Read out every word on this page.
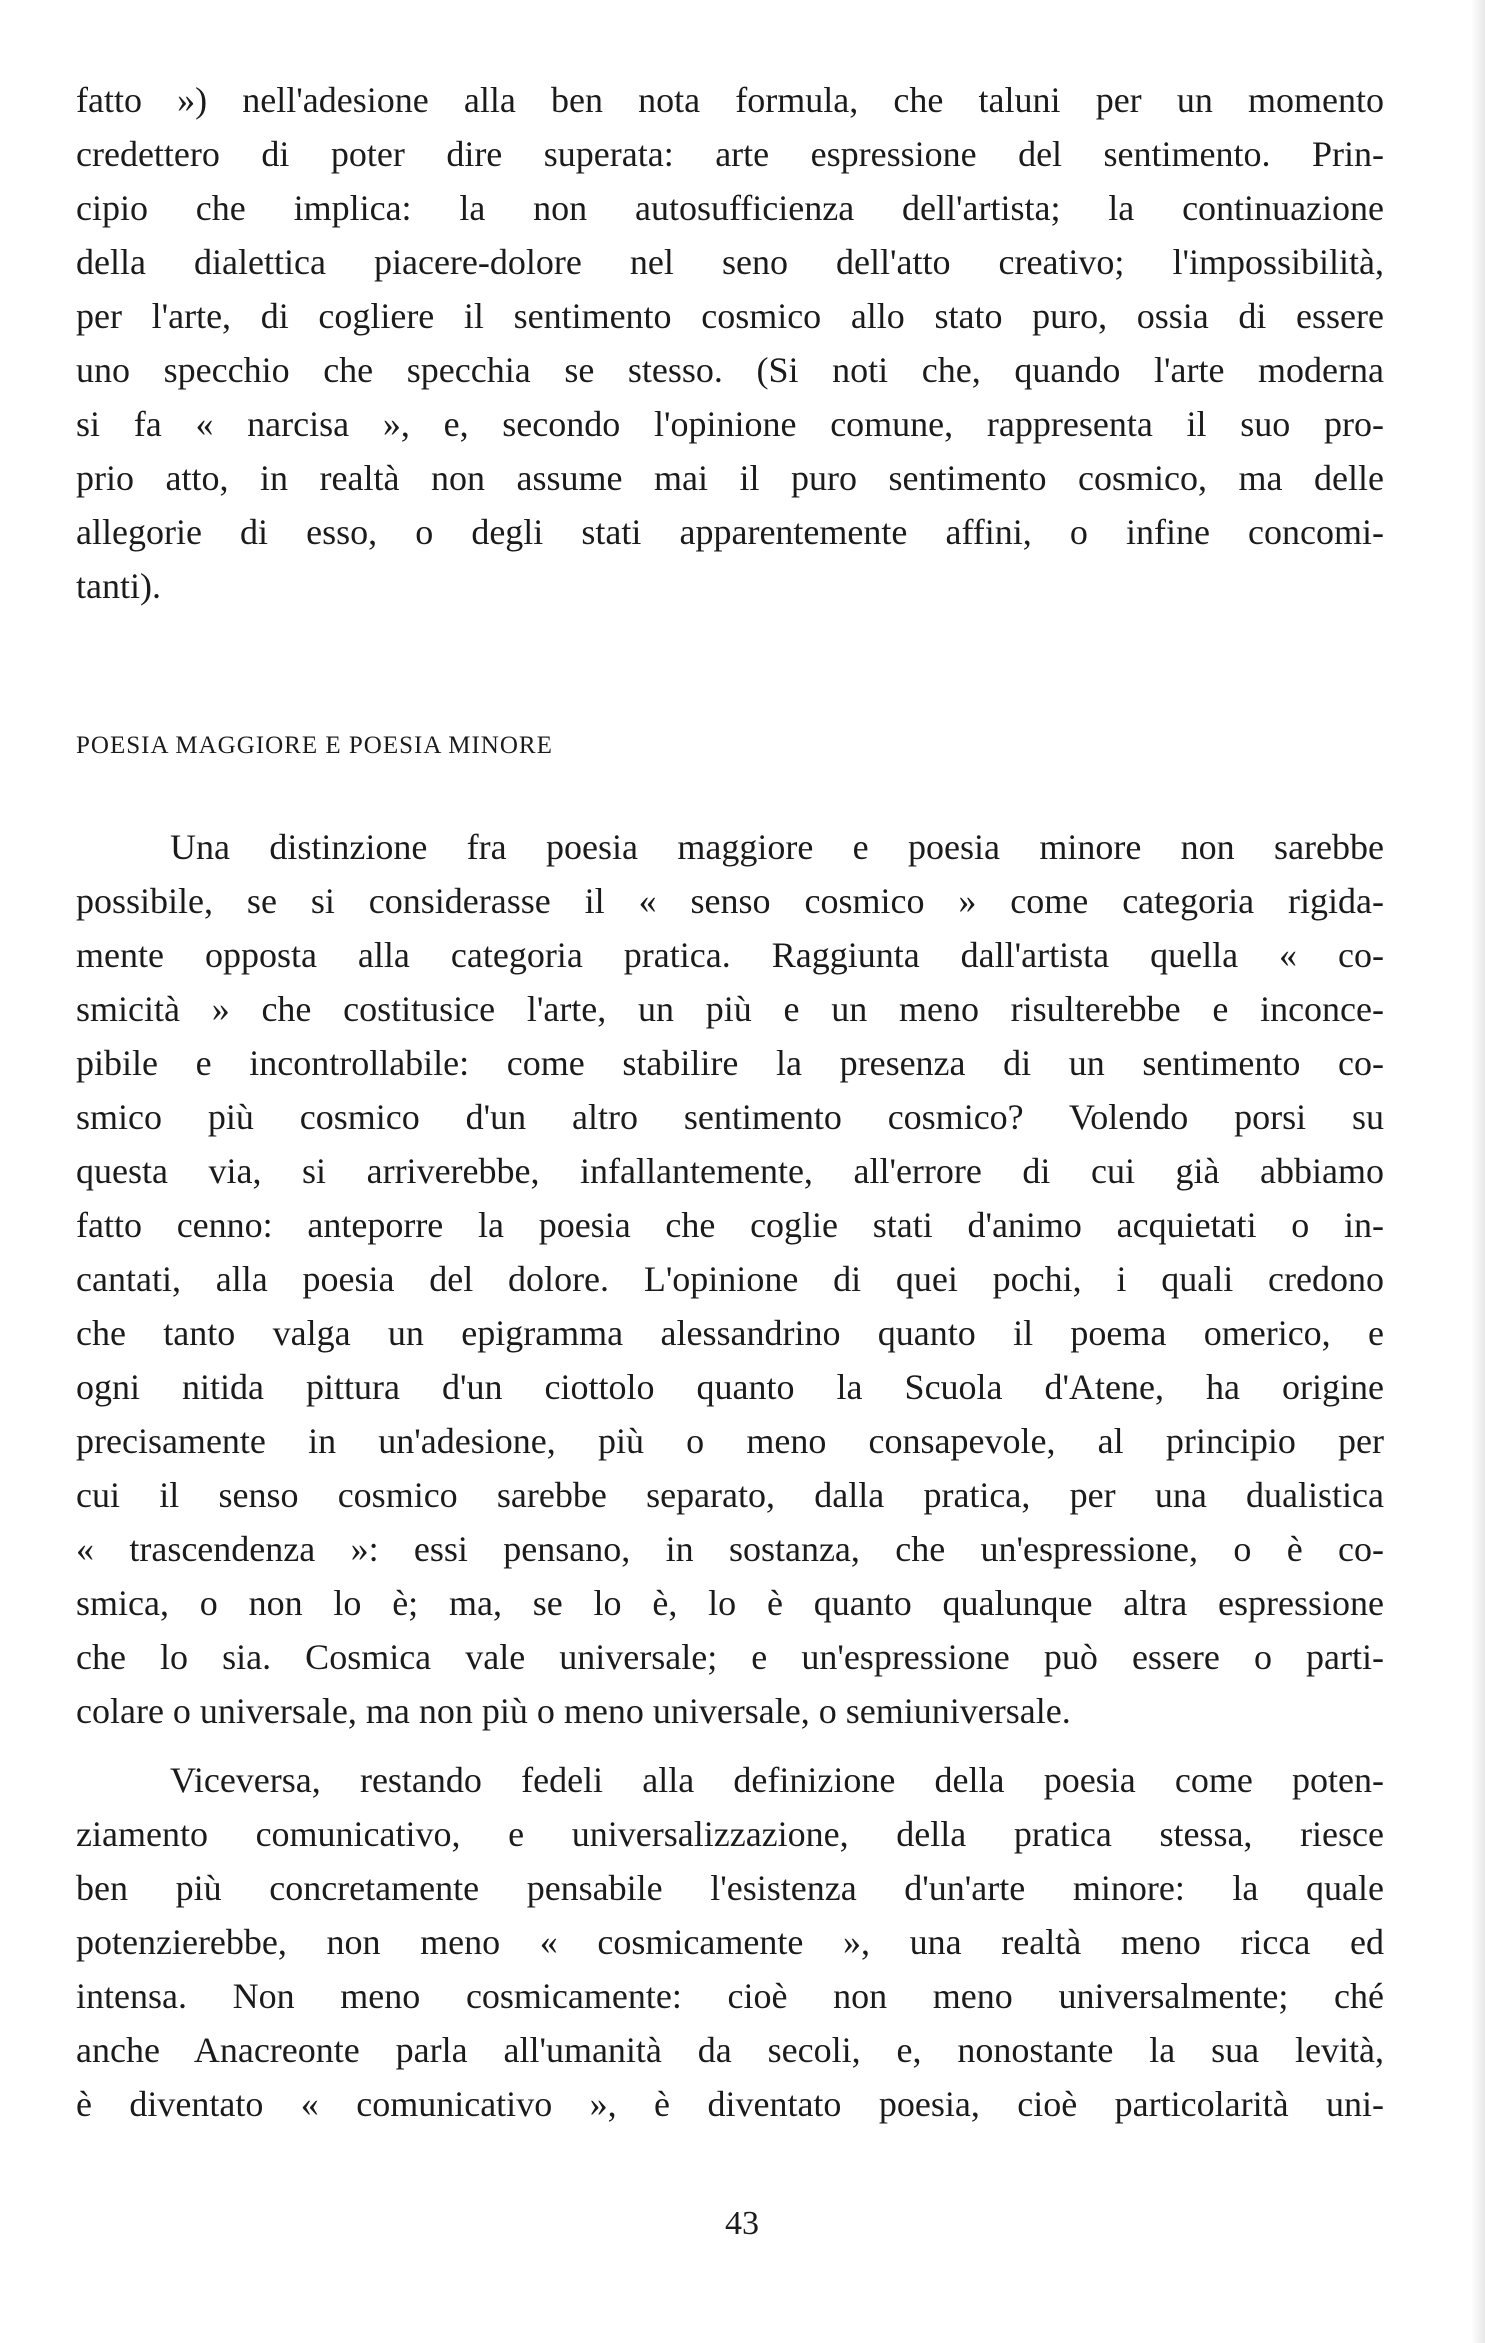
fatto ») nell'adesione alla ben nota formula, che taluni per un momento
credettero di poter dire superata: arte espressione del sentimento. Prin-
cipio che implica: la non autosufficienza dell'artista; la continuazione
della dialettica piacere-dolore nel seno dell'atto creativo; l'impossibilità,
per l'arte, di cogliere il sentimento cosmico allo stato puro, ossia di essere
uno specchio che specchia se stesso. (Si noti che, quando l'arte moderna
si fa « narcisa », e, secondo l'opinione comune, rappresenta il suo pro-
prio atto, in realtà non assume mai il puro sentimento cosmico, ma delle
allegorie di esso, o degli stati apparentemente affini, o infine concomi-
tanti).
POESIA MAGGIORE E POESIA MINORE
Una distinzione fra poesia maggiore e poesia minore non sarebbe
possibile, se si considerasse il « senso cosmico » come categoria rigida-
mente opposta alla categoria pratica. Raggiunta dall'artista quella « co-
smicità » che costitusice l'arte, un più e un meno risulterebbe e inconce-
pibile e incontrollabile: come stabilire la presenza di un sentimento co-
smico più cosmico d'un altro sentimento cosmico? Volendo porsi su
questa via, si arriverebbe, infallantemente, all'errore di cui già abbiamo
fatto cenno: anteporre la poesia che coglie stati d'animo acquietati o in-
cantati, alla poesia del dolore. L'opinione di quei pochi, i quali credono
che tanto valga un epigramma alessandrino quanto il poema omerico, e
ogni nitida pittura d'un ciottolo quanto la Scuola d'Atene, ha origine
precisamente in un'adesione, più o meno consapevole, al principio per
cui il senso cosmico sarebbe separato, dalla pratica, per una dualistica
« trascendenza »: essi pensano, in sostanza, che un'espressione, o è co-
smica, o non lo è; ma, se lo è, lo è quanto qualunque altra espressione
che lo sia. Cosmica vale universale; e un'espressione può essere o parti-
colare o universale, ma non più o meno universale, o semiuniversale.
Viceversa, restando fedeli alla definizione della poesia come poten-
ziamento comunicativo, e universalizzazione, della pratica stessa, riesce
ben più concretamente pensabile l'esistenza d'un'arte minore: la quale
potenzierebbe, non meno « cosmicamente », una realtà meno ricca ed
intensa. Non meno cosmicamente: cioè non meno universalmente; ché
anche Anacreonte parla all'umanità da secoli, e, nonostante la sua levità,
è diventato « comunicativo », è diventato poesia, cioè particolarità uni-
43
